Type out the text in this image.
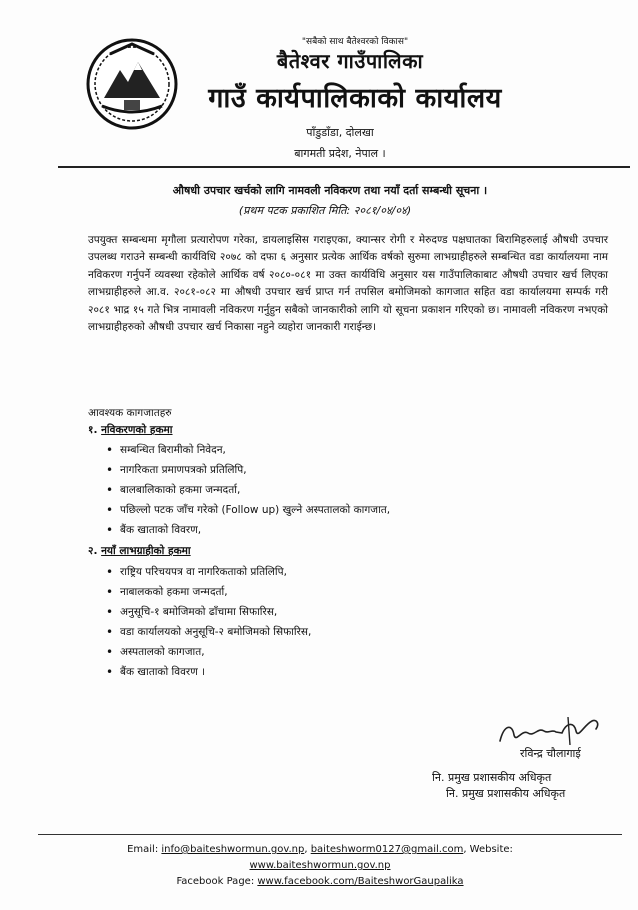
"सबैको साथ बैतेश्वरको विकास"
बैतेश्वर गाउँपालिका
गाउँ कार्यपालिकाको कार्यालय
पाँडुडाँडा, दोलखा
बागमती प्रदेश, नेपाल ।
औषधी उपचार खर्चको लागि नामवली नविकरण तथा नयाँ दर्ता सम्बन्धी सूचना ।
(प्रथम पटक प्रकाशित मिति: २०८१/०४/०४)

उपयुक्त सम्बन्धमा मृगौला प्रत्यारोपण गरेका, डायलाइसिस गराइएका, क्यान्सर रोगी र मेरुदण्ड पक्षघातका बिरामिहरुलाई औषधी उपचार उपलब्ध गराउने सम्बन्धी कार्यविधि २०७८ को दफा ६ अनुसार प्रत्येक आर्थिक वर्षको सुरुमा लाभग्राहीहरुले सम्बन्धित वडा कार्यालयमा नाम नविकरण गर्नुपर्ने व्यवस्था रहेकोले आर्थिक वर्ष २०८०-०८१ मा उक्त कार्यविधि अनुसार यस गाउँपालिकाबाट औषधी उपचार खर्च लिएका लाभग्राहीहरुले आ.व. २०८१-०८२ मा औषधी उपचार खर्च प्राप्त गर्न तपसिल बमोजिमको कागजात सहित वडा कार्यालयमा सम्पर्क गरी २०८१ भाद्र १५ गते भित्र नामावली नविकरण गर्नुहुन सबैको जानकारीको लागि यो सूचना प्रकाशन गरिएको छ। नामावली नविकरण नभएको लाभग्राहीहरुको औषधी उपचार खर्च निकासा नहुने व्यहोरा जानकारी गराईन्छ।

आवश्यक कागजातहरु
१. नविकरणको हकमा
• सम्बन्धित बिरामीको निवेदन,
• नागरिकता प्रमाणपत्रको प्रतिलिपि,
• बालबालिकाको हकमा जन्मदर्ता,
• पछिल्लो पटक जाँच गरेको (Follow up) खुल्ने अस्पतालको कागजात,
• बैंक खाताको विवरण,
२. नयाँ लाभग्राहीको हकमा
• राष्ट्रिय परिचयपत्र वा नागरिकताको प्रतिलिपि,
• नाबालकको हकमा जन्मदर्ता,
• अनुसूचि-१ बमोजिमको ढाँचामा सिफारिस,
• वडा कार्यालयको अनुसूचि-२ बमोजिमको सिफारिस,
• अस्पतालको कागजात,
• बैंक खाताको विवरण ।
रविन्द्र चौलागाई
नि. प्रमुख प्रशासकीय अधिकृत
नि. प्रमुख प्रशासकीय अधिकृत
Email: info@baiteshwormun.gov.np, baiteshworm0127@gmail.com, Website:
www.baiteshwormun.gov.np
Facebook Page: www.facebook.com/BaiteshworGaupalika
